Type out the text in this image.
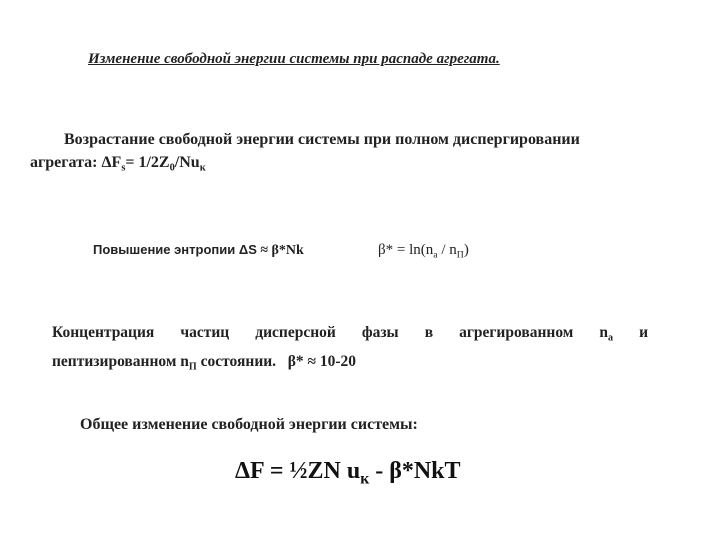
Изменение свободной энергии системы при распаде агрегата.
Возрастание свободной энергии системы при полном диспергировании
агрегата: $\Delta F_s= 1/2Z_0/Nu_к$
Повышение энтропии ΔS ≈ β*Nk	$\beta* = \ln(n_а / n_П)$
Концентрация частиц дисперсной фазы в агрегированном $n_а$ и
пептизированном $n_П$ состоянии. β* ≈ 10-20
Общее изменение свободной энергии системы:
ΔF = ½ZN $u_к - \beta*NkT$
